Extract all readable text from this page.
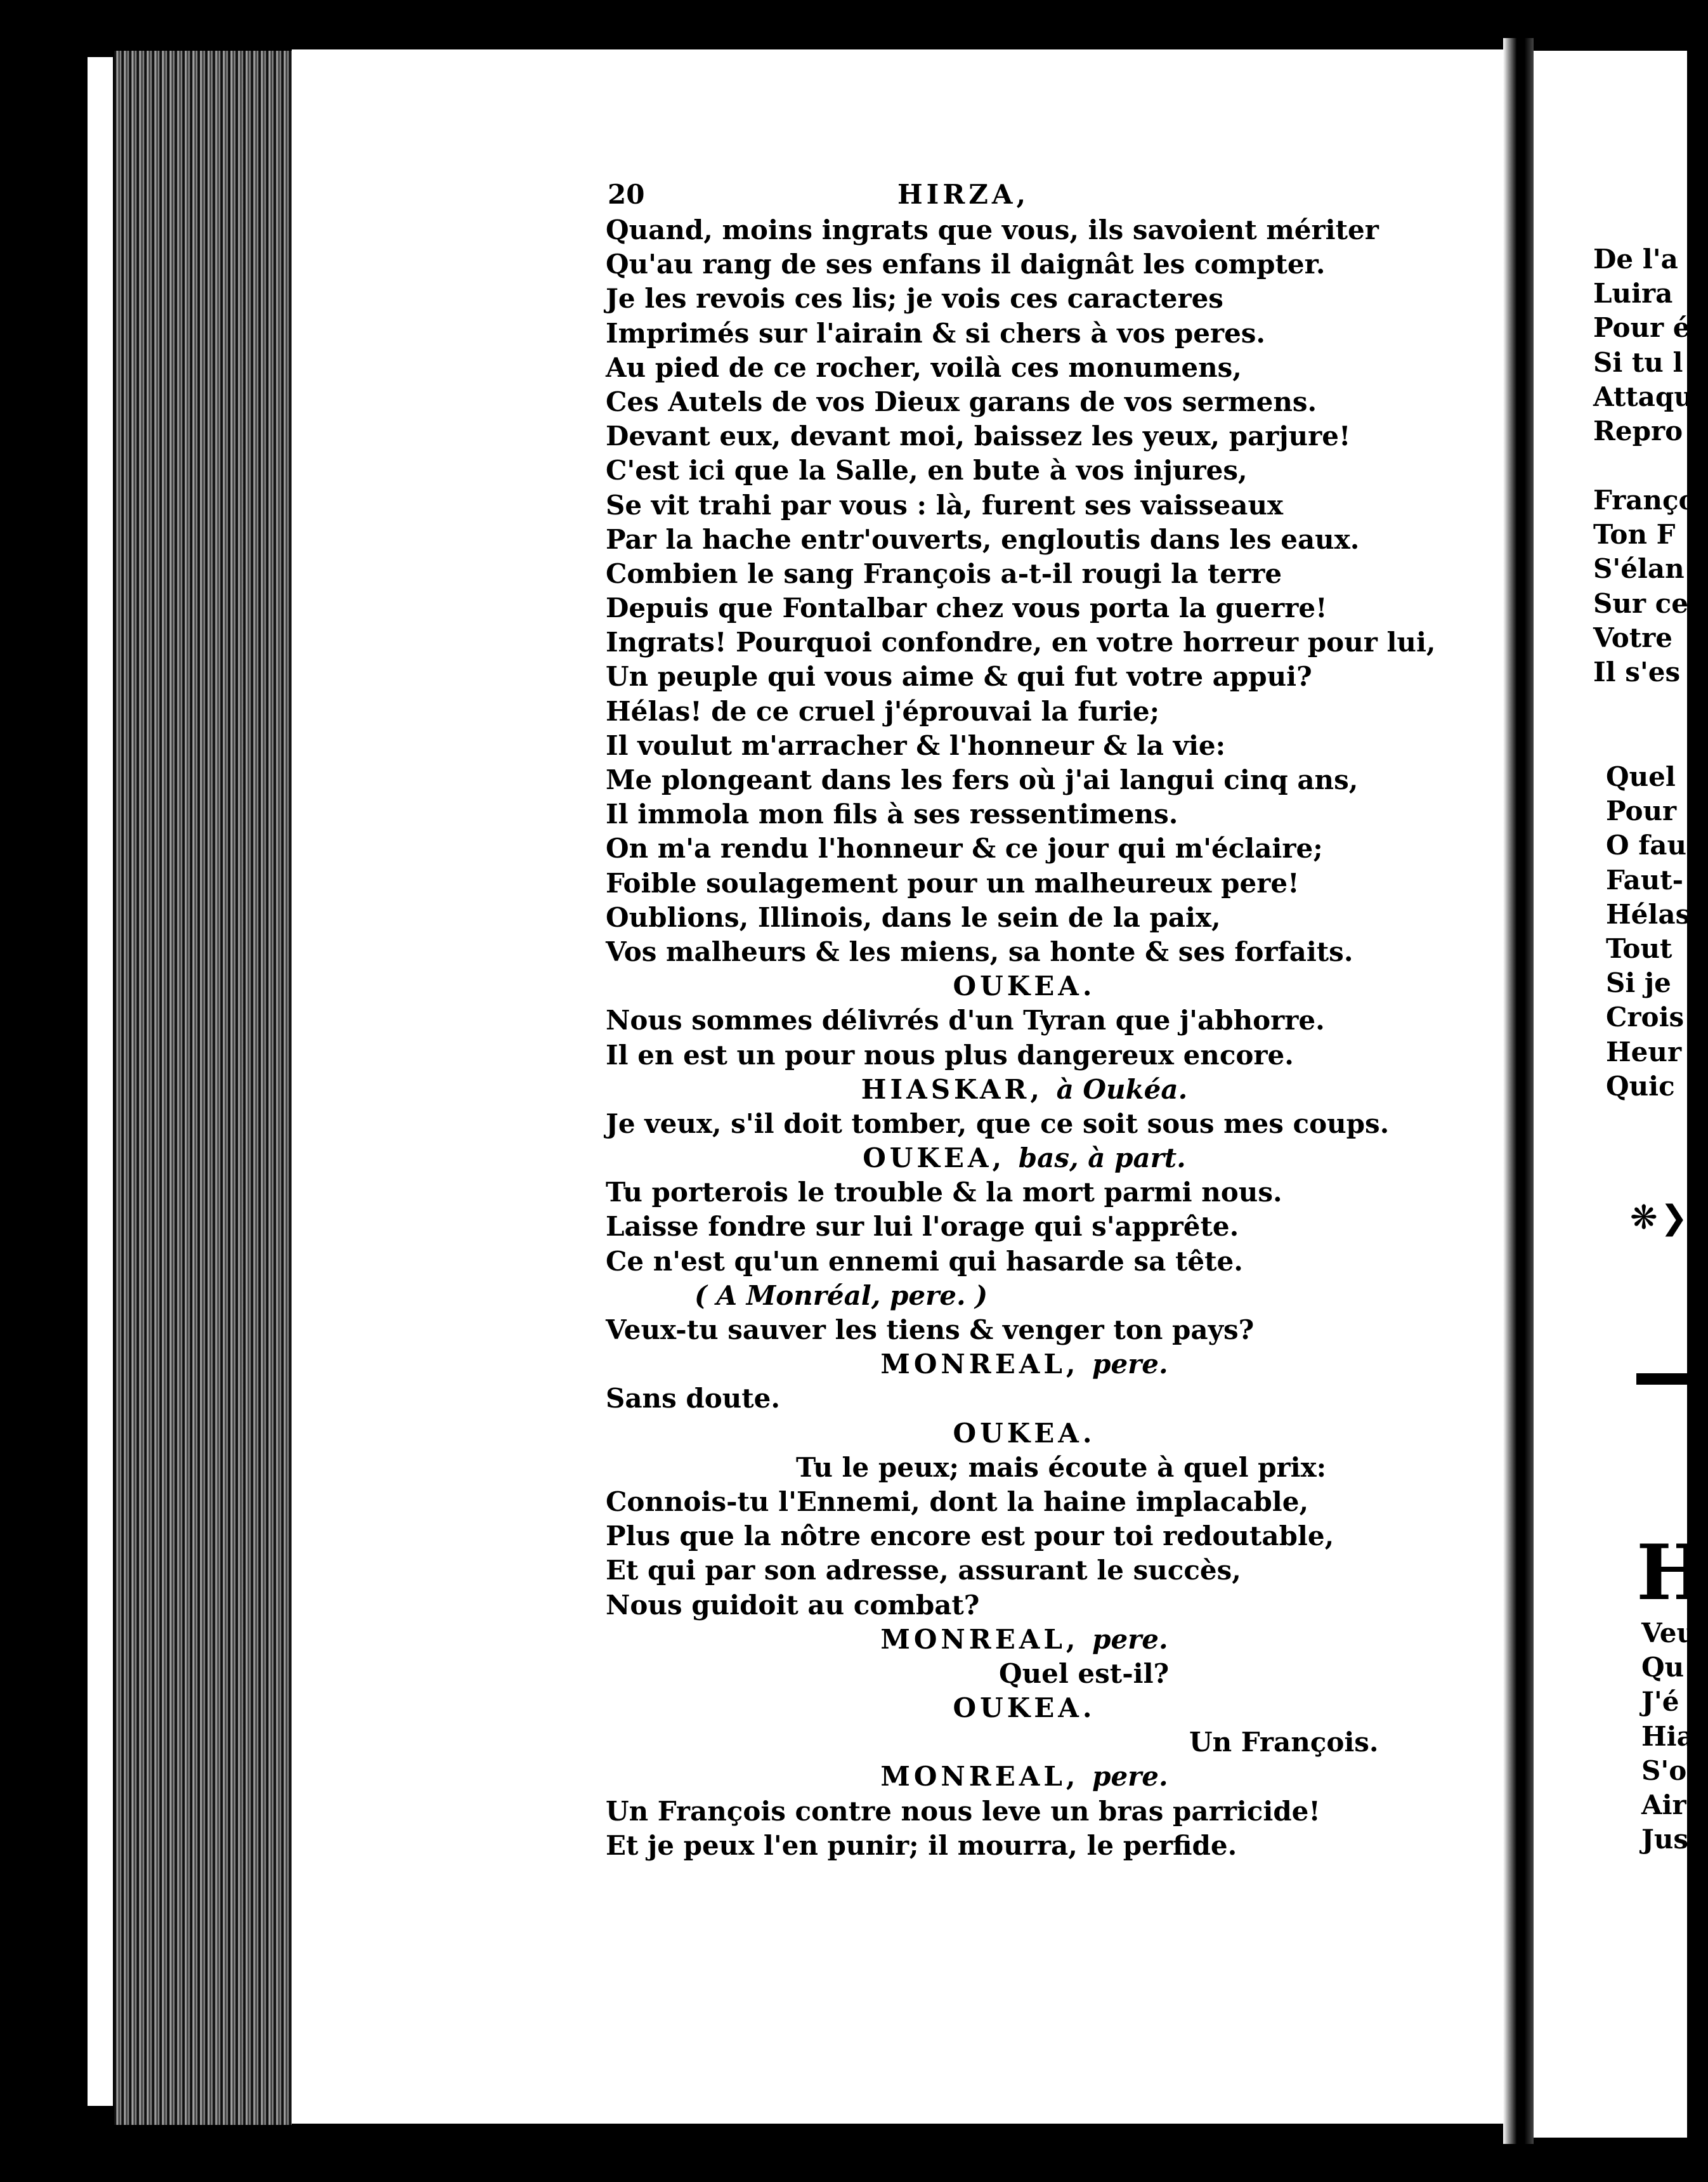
20	HIRZA,
Quand, moins ingrats que vous, ils savoient mériter
Qu'au rang de ses enfans il daignât les compter.
Je les revois ces lis; je vois ces caracteres
Imprimés sur l'airain & si chers à vos peres.
Au pied de ce rocher, voilà ces monumens,
Ces Autels de vos Dieux garans de vos sermens.
Devant eux, devant moi, baissez les yeux, parjure!
C'est ici que la Salle, en bute à vos injures,
Se vit trahi par vous : là, furent ses vaisseaux
Par la hache entr'ouverts, engloutis dans les eaux.
Combien le sang François a-t-il rougi la terre
Depuis que Fontalbar chez vous porta la guerre!
Ingrats! Pourquoi confondre, en votre horreur pour lui,
Un peuple qui vous aime & qui fut votre appui?
Hélas! de ce cruel j'éprouvai la furie;
Il voulut m'arracher & l'honneur & la vie:
Me plongeant dans les fers où j'ai langui cinq ans,
Il immola mon fils à ses ressentimens.
On m'a rendu l'honneur & ce jour qui m'éclaire;
Foible soulagement pour un malheureux pere!
Oublions, Illinois, dans le sein de la paix,
Vos malheurs & les miens, sa honte & ses forfaits.
OUKEA.
Nous sommes délivrés d'un Tyran que j'abhorre.
Il en est un pour nous plus dangereux encore.
HIASKAR, à Oukéa.
Je veux, s'il doit tomber, que ce soit sous mes coups.
OUKEA, bas, à part.
Tu porterois le trouble & la mort parmi nous.
Laisse fondre sur lui l'orage qui s'apprête.
Ce n'est qu'un ennemi qui hasarde sa tête.
( A Monréal, pere. )
Veux-tu sauver les tiens & venger ton pays?
MONREAL, pere.
Sans doute.
OUKEA.
Tu le peux; mais écoute à quel prix:
Connois-tu l'Ennemi, dont la haine implacable,
Plus que la nôtre encore est pour toi redoutable,
Et qui par son adresse, assurant le succès,
Nous guidoit au combat?
MONREAL, pere.
Quel est-il?
OUKEA.
Un François.
MONREAL, pere.
Un François contre nous leve un bras parricide!
Et je peux l'en punir; il mourra, le perfide.
De l'a
Luira
Pour é
Si tu l
Attaqu
Repro
Franço
Ton F
S'élan
Sur ce
Votre
Il s'es
Quel
Pour
O fau
Faut-
Hélas
Tout
Si je
Crois
Heur
Quic
❋❯
H
Veu
Qu
J'é
Hia
S'o
Air
Jus
